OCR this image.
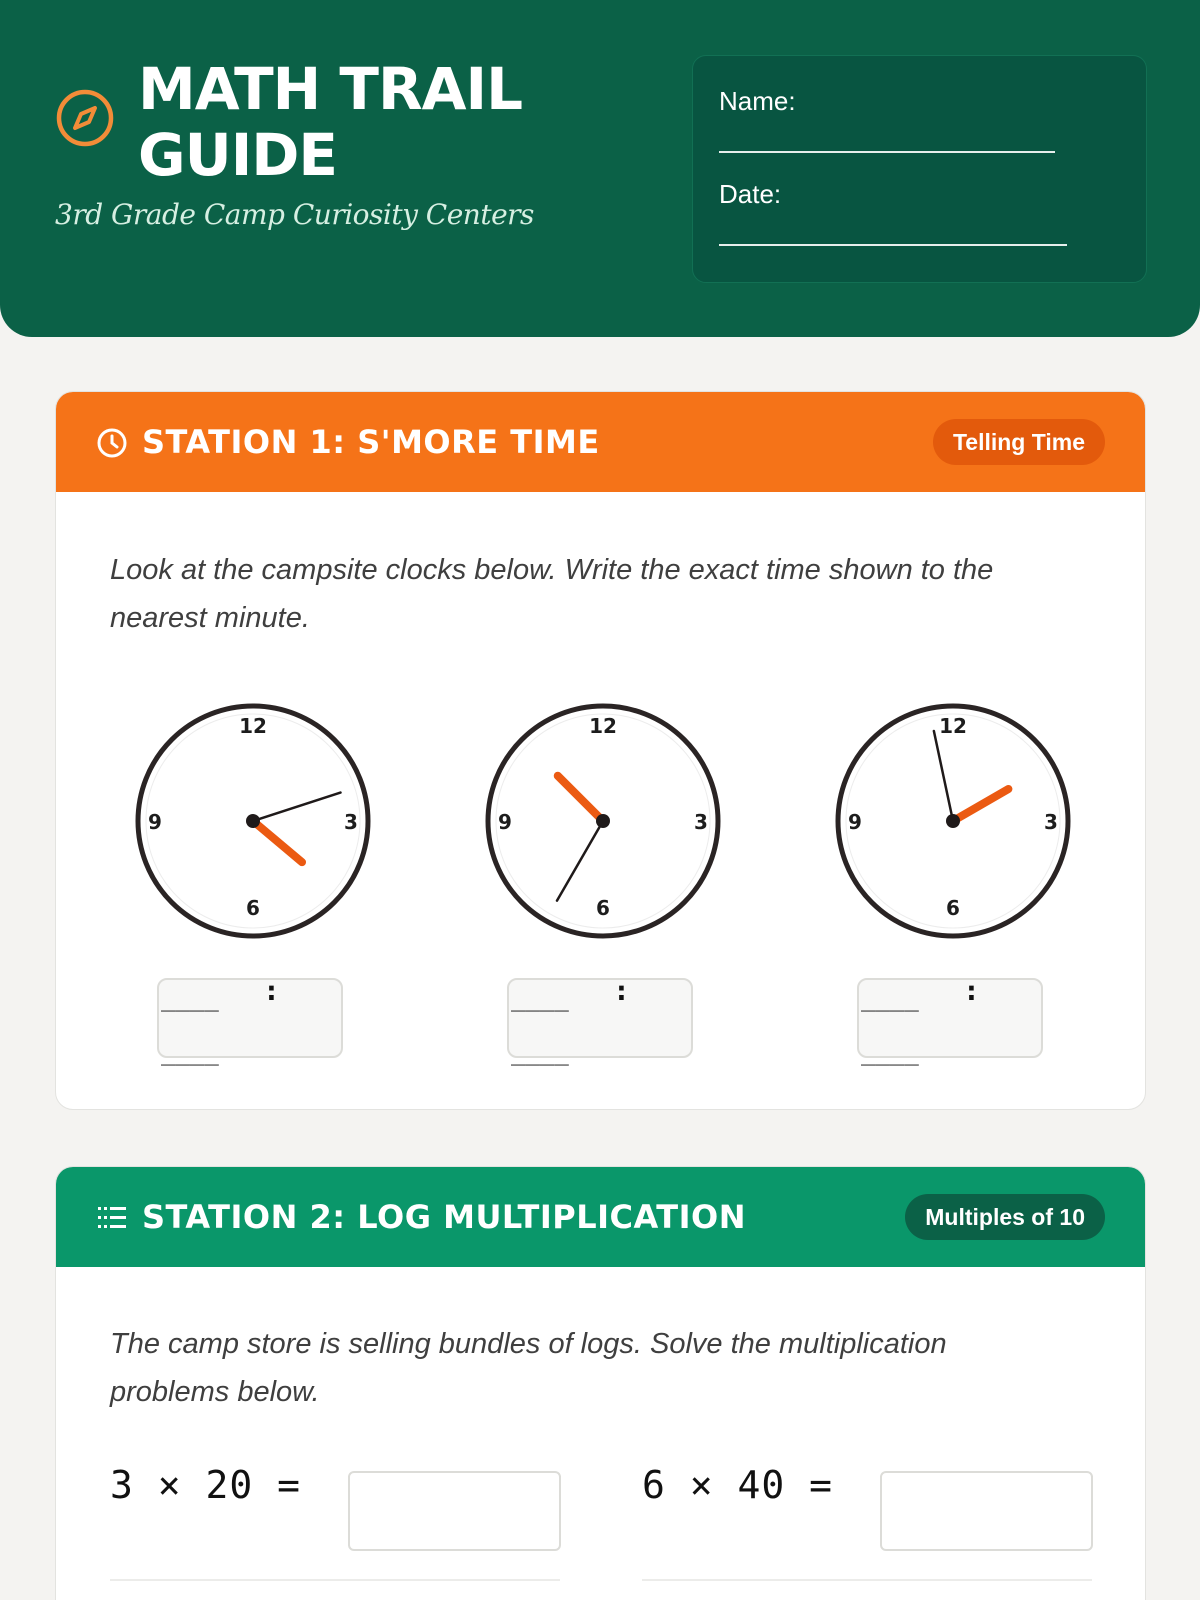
MATH TRAIL
GUIDE
3rd Grade Camp Curiosity Centers
Name:
Date:
STATION 1: S'MORE TIME	Telling Time
Look at the campsite clocks below. Write the exact time shown to the nearest minute.
12
3
6
9
12
3
6
9
12
3
6
9
____ :
____
____ :
____
____ :
____
STATION 2: LOG MULTIPLICATION	Multiples of 10
The camp store is selling bundles of logs. Solve the multiplication problems below.
3 × 20 =	6 × 40 =
